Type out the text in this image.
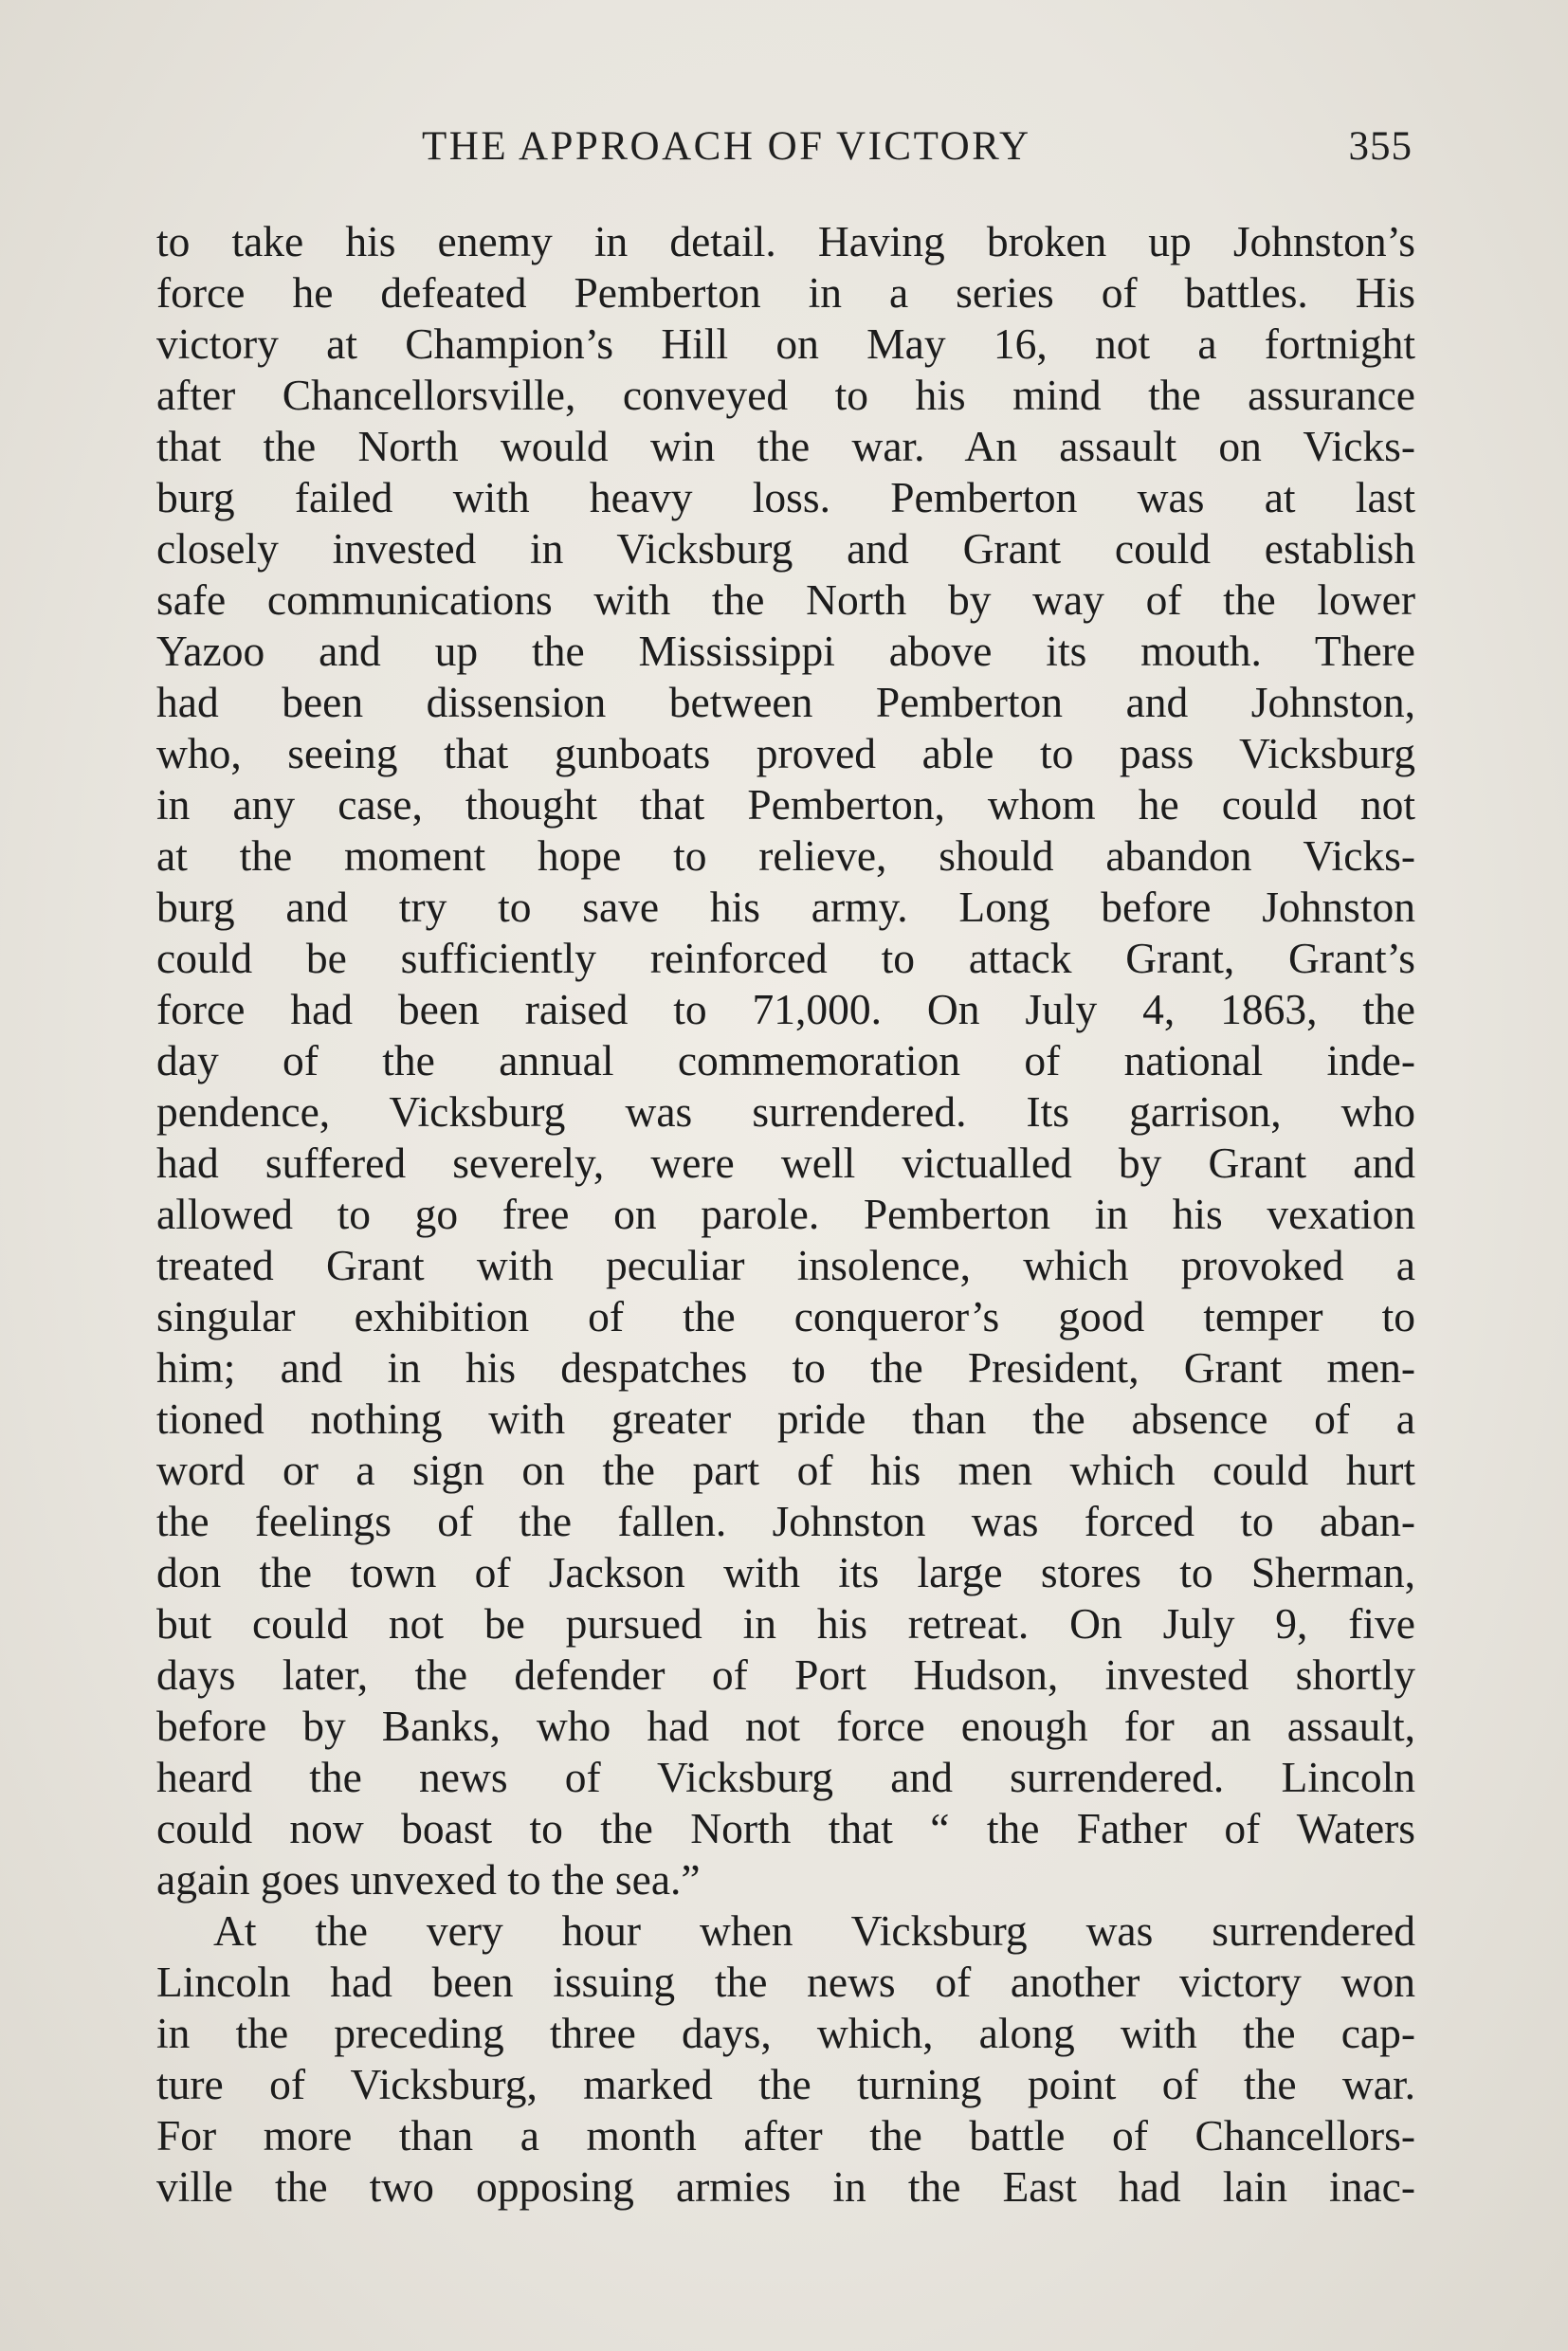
THE APPROACH OF VICTORY	355
to take his enemy in detail. Having broken up Johnston’s
force he defeated Pemberton in a series of battles. His
victory at Champion’s Hill on May 16, not a fortnight
after Chancellorsville, conveyed to his mind the assurance
that the North would win the war. An assault on Vicks-
burg failed with heavy loss. Pemberton was at last
closely invested in Vicksburg and Grant could establish
safe communications with the North by way of the lower
Yazoo and up the Mississippi above its mouth. There
had been dissension between Pemberton and Johnston,
who, seeing that gunboats proved able to pass Vicksburg
in any case, thought that Pemberton, whom he could not
at the moment hope to relieve, should abandon Vicks-
burg and try to save his army. Long before Johnston
could be sufficiently reinforced to attack Grant, Grant’s
force had been raised to 71,000. On July 4, 1863, the
day of the annual commemoration of national inde-
pendence, Vicksburg was surrendered. Its garrison, who
had suffered severely, were well victualled by Grant and
allowed to go free on parole. Pemberton in his vexation
treated Grant with peculiar insolence, which provoked a
singular exhibition of the conqueror’s good temper to
him; and in his despatches to the President, Grant men-
tioned nothing with greater pride than the absence of a
word or a sign on the part of his men which could hurt
the feelings of the fallen. Johnston was forced to aban-
don the town of Jackson with its large stores to Sherman,
but could not be pursued in his retreat. On July 9, five
days later, the defender of Port Hudson, invested shortly
before by Banks, who had not force enough for an assault,
heard the news of Vicksburg and surrendered. Lincoln
could now boast to the North that “ the Father of Waters
again goes unvexed to the sea.”
At the very hour when Vicksburg was surrendered
Lincoln had been issuing the news of another victory won
in the preceding three days, which, along with the cap-
ture of Vicksburg, marked the turning point of the war.
For more than a month after the battle of Chancellors-
ville the two opposing armies in the East had lain inac-
